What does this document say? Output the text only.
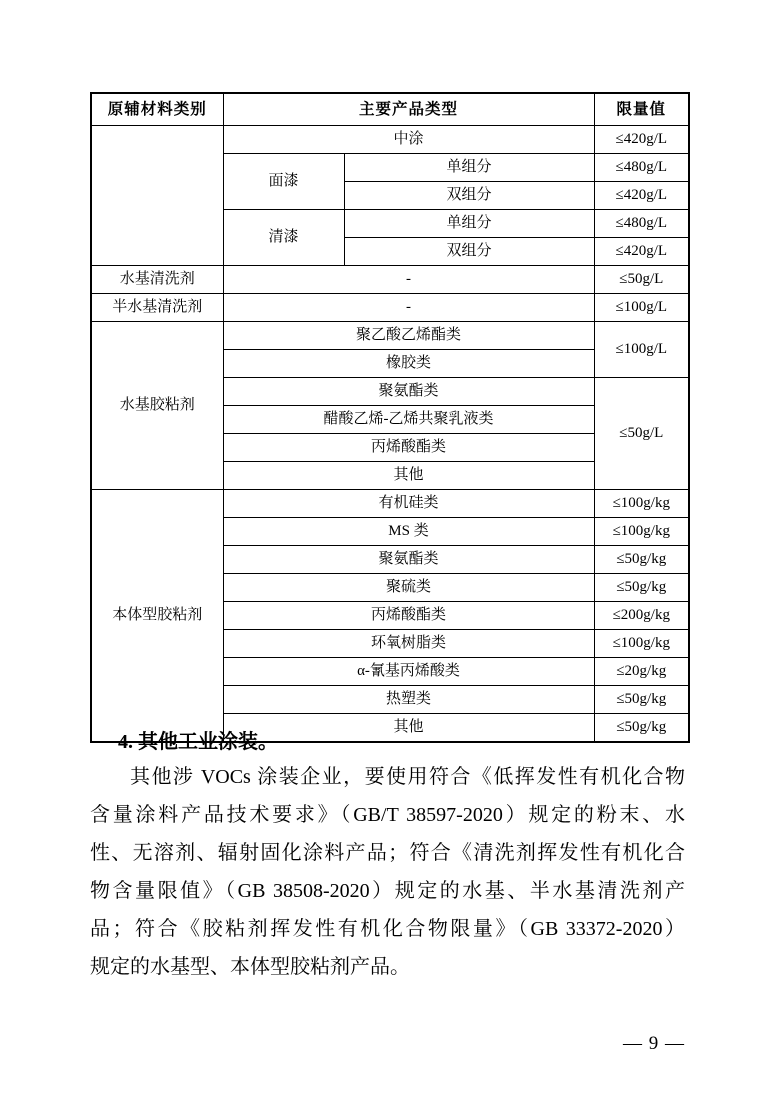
原辅材料类别	主要产品类型		限量值
	中涂		≤420g/L
	面漆	单组分	≤480g/L
		双组分	≤420g/L
	清漆	单组分	≤480g/L
		双组分	≤420g/L
水基清洗剂	-		≤50g/L
半水基清洗剂	-		≤100g/L
水基胶粘剂	聚乙酸乙烯酯类		≤100g/L
	橡胶类		
	聚氨酯类		≤50g/L
	醋酸乙烯-乙烯共聚乳液类		
	丙烯酸酯类		
	其他		
本体型胶粘剂	有机硅类		≤100g/kg
	MS 类		≤100g/kg
	聚氨酯类		≤50g/kg
	聚硫类		≤50g/kg
	丙烯酸酯类		≤200g/kg
	环氧树脂类		≤100g/kg
	α-氰基丙烯酸类		≤20g/kg
	热塑类		≤50g/kg
	其他		≤50g/kg
4. 其他工业涂装。
其他涉 VOCs 涂装企业，要使用符合《低挥发性有机化合物
含量涂料产品技术要求》（GB/T 38597-2020）规定的粉末、水
性、无溶剂、辐射固化涂料产品；符合《清洗剂挥发性有机化合
物含量限值》（GB 38508-2020）规定的水基、半水基清洗剂产
品；符合《胶粘剂挥发性有机化合物限量》（GB 33372-2020）
规定的水基型、本体型胶粘剂产品。
— 9 —
